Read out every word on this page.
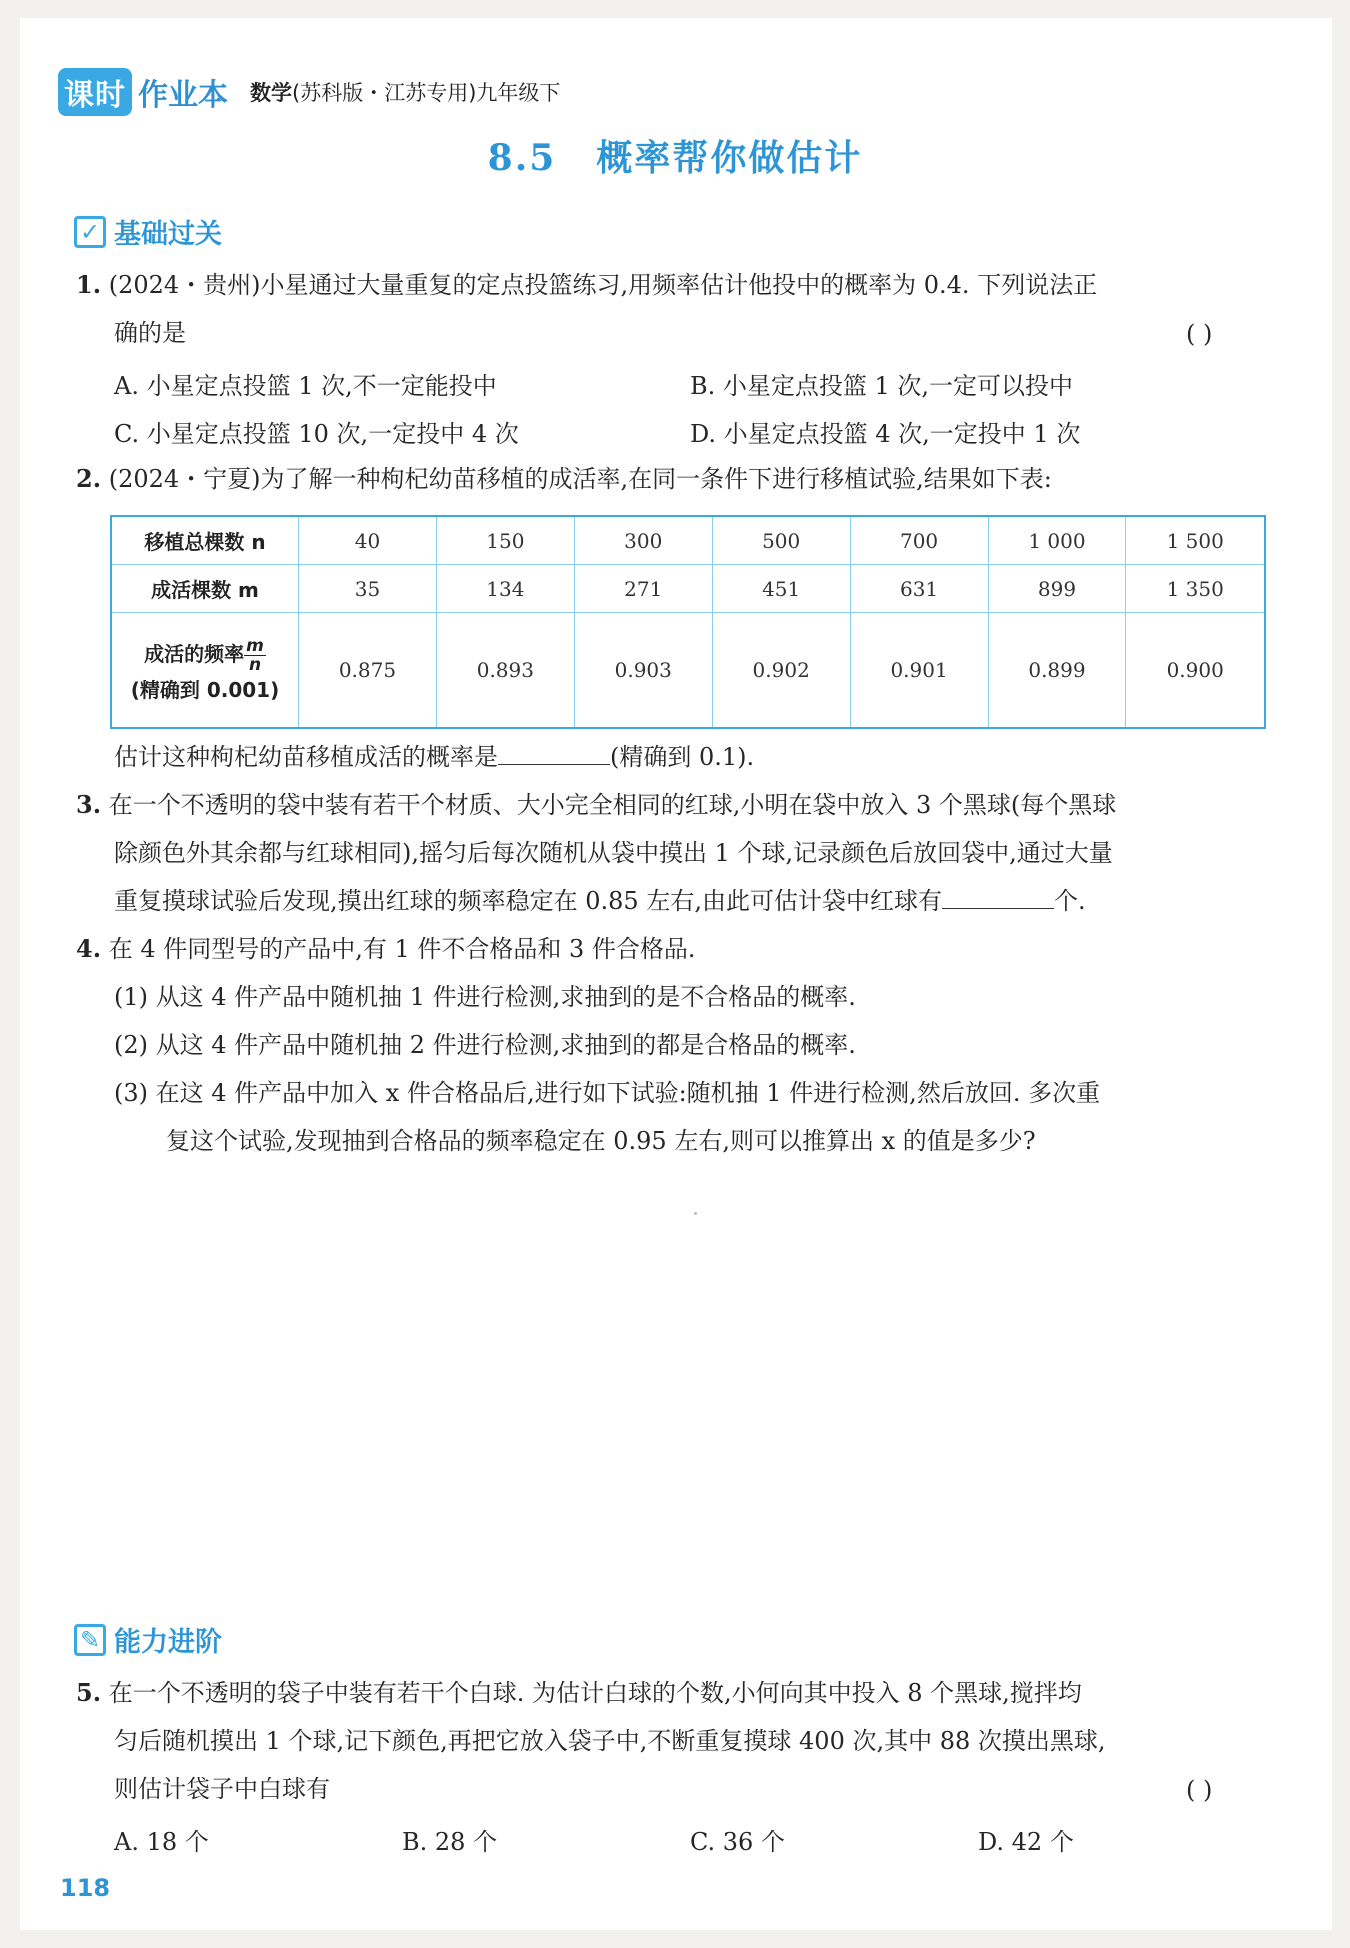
课时 作业本 数学(苏科版・江苏专用)九年级下
8.5 概率帮你做估计
✓ 基础过关
1. (2024・贵州)小星通过大量重复的定点投篮练习,用频率估计他投中的概率为 0.4. 下列说法正
确的是	( )
A. 小星定点投篮 1 次,不一定能投中	B. 小星定点投篮 1 次,一定可以投中
C. 小星定点投篮 10 次,一定投中 4 次	D. 小星定点投篮 4 次,一定投中 1 次
2. (2024・宁夏)为了解一种枸杞幼苗移植的成活率,在同一条件下进行移植试验,结果如下表:
移植总棵数 n	40	150	300	500	700	1 000	1 500
成活棵数 m	35	134	271	451	631	899	1 350
成活的频率 $\frac{m}{n}$

(精确到 0.001)	0.875	0.893	0.903	0.902	0.901	0.899	0.900
估计这种枸杞幼苗移植成活的概率是	(精确到 0.1).
3. 在一个不透明的袋中装有若干个材质、大小完全相同的红球,小明在袋中放入 3 个黑球(每个黑球
除颜色外其余都与红球相同),摇匀后每次随机从袋中摸出 1 个球,记录颜色后放回袋中,通过大量
重复摸球试验后发现,摸出红球的频率稳定在 0.85 左右,由此可估计袋中红球有	个.
4. 在 4 件同型号的产品中,有 1 件不合格品和 3 件合格品.
(1) 从这 4 件产品中随机抽 1 件进行检测,求抽到的是不合格品的概率.
(2) 从这 4 件产品中随机抽 2 件进行检测,求抽到的都是合格品的概率.
(3) 在这 4 件产品中加入 x 件合格品后,进行如下试验:随机抽 1 件进行检测,然后放回. 多次重
复这个试验,发现抽到合格品的频率稳定在 0.95 左右,则可以推算出 x 的值是多少?
✎ 能力进阶
5. 在一个不透明的袋子中装有若干个白球. 为估计白球的个数,小何向其中投入 8 个黑球,搅拌均
匀后随机摸出 1 个球,记下颜色,再把它放入袋子中,不断重复摸球 400 次,其中 88 次摸出黑球,
则估计袋子中白球有	( )
A. 18 个	B. 28 个	C. 36 个	D. 42 个
118
